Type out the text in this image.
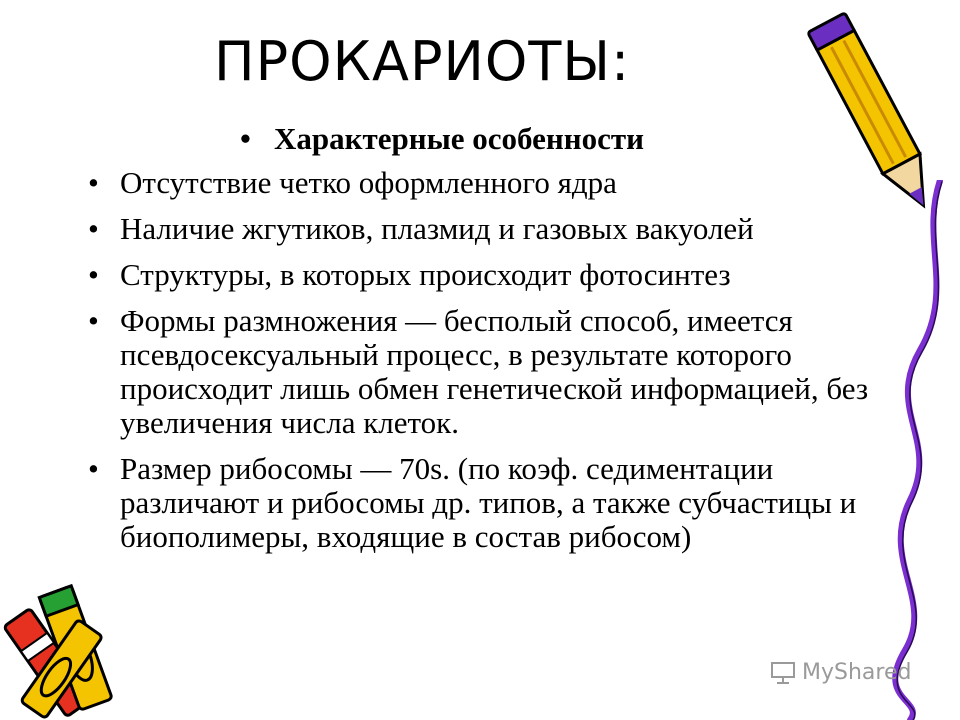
ПРОКАРИОТЫ:
• Характерные особенности
• Отсутствие четко оформленного ядра
• Наличие жгутиков, плазмид и газовых вакуолей
• Структуры, в которых происходит фотосинтез
• Формы размножения — бесполый способ, имеется псевдосексуальный процесс, в результате которого происходит лишь обмен генетической информацией, без увеличения числа клеток.
• Размер рибосомы — 70s. (по коэф. седиментации различают и рибосомы др. типов, а также субчастицы и биополимеры, входящие в состав рибосом)
MyShared
